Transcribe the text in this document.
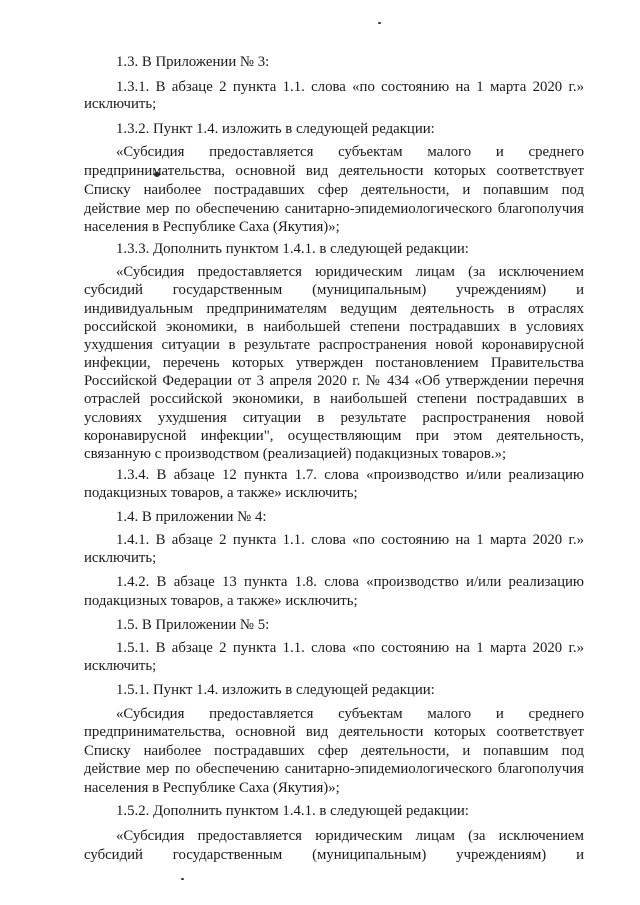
1.3. В Приложении № 3:
1.3.1. В абзаце 2 пункта 1.1. слова «по состоянию на 1 марта 2020 г.»
исключить;
1.3.2. Пункт 1.4. изложить в следующей редакции:
«Субсидия предоставляется субъектам малого и среднего
предпринимательства, основной вид деятельности которых соответствует
Списку наиболее пострадавших сфер деятельности, и попавшим под
действие мер по обеспечению санитарно-эпидемиологического благополучия
населения в Республике Саха (Якутия)»;
1.3.3. Дополнить пунктом 1.4.1. в следующей редакции:
«Субсидия предоставляется юридическим лицам (за исключением
субсидий государственным (муниципальным) учреждениям) и
индивидуальным предпринимателям ведущим деятельность в отраслях
российской экономики, в наибольшей степени пострадавших в условиях
ухудшения ситуации в результате распространения новой коронавирусной
инфекции, перечень которых утвержден постановлением Правительства
Российской Федерации от 3 апреля 2020 г. № 434 «Об утверждении перечня
отраслей российской экономики, в наибольшей степени пострадавших в
условиях ухудшения ситуации в результате распространения новой
коронавирусной инфекции", осуществляющим при этом деятельность,
связанную с производством (реализацией) подакцизных товаров.»;
1.3.4. В абзаце 12 пункта 1.7. слова «производство и/или реализацию
подакцизных товаров, а также» исключить;
1.4. В приложении № 4:
1.4.1. В абзаце 2 пункта 1.1. слова «по состоянию на 1 марта 2020 г.»
исключить;
1.4.2. В абзаце 13 пункта 1.8. слова «производство и/или реализацию
подакцизных товаров, а также» исключить;
1.5. В Приложении № 5:
1.5.1. В абзаце 2 пункта 1.1. слова «по состоянию на 1 марта 2020 г.»
исключить;
1.5.1. Пункт 1.4. изложить в следующей редакции:
«Субсидия предоставляется субъектам малого и среднего
предпринимательства, основной вид деятельности которых соответствует
Списку наиболее пострадавших сфер деятельности, и попавшим под
действие мер по обеспечению санитарно-эпидемиологического благополучия
населения в Республике Саха (Якутия)»;
1.5.2. Дополнить пунктом 1.4.1. в следующей редакции:
«Субсидия предоставляется юридическим лицам (за исключением
субсидий государственным (муниципальным) учреждениям) и
